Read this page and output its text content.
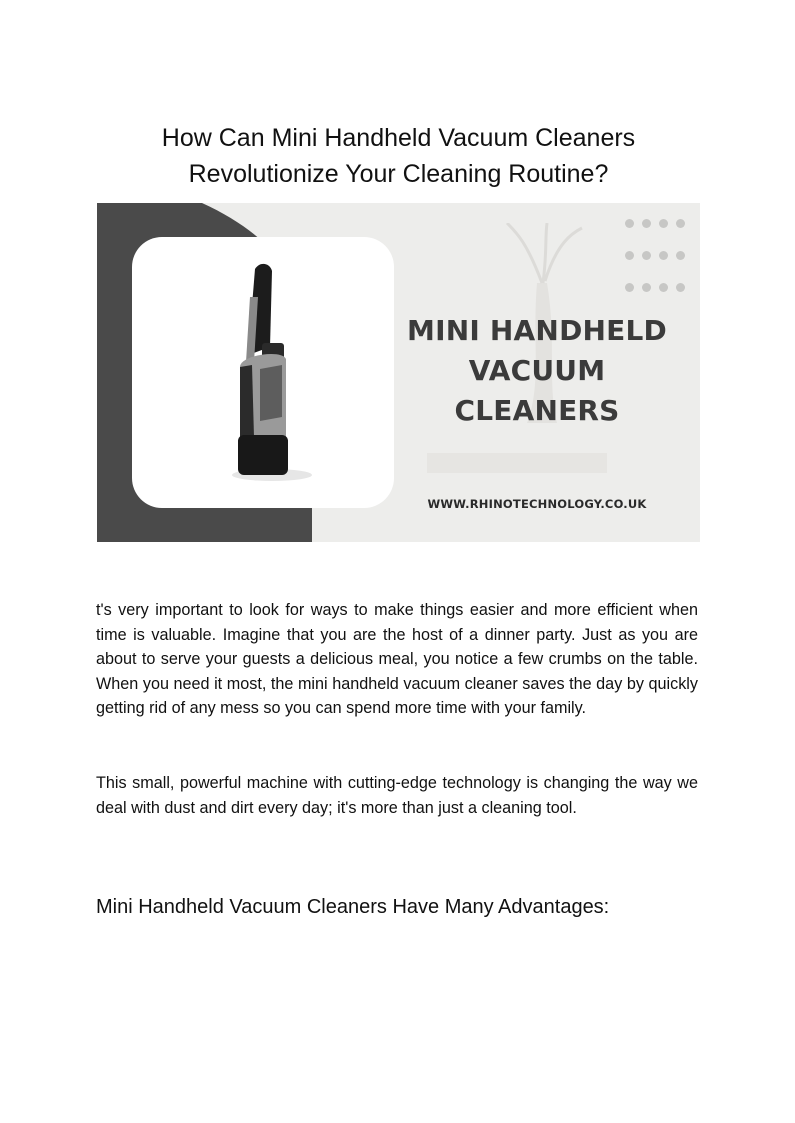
How Can Mini Handheld Vacuum Cleaners
Revolutionize Your Cleaning Routine?
MINI HANDHELD
VACUUM
CLEANERS
WWW.RHINOTECHNOLOGY.CO.UK

t's very important to look for ways to make things easier and more efficient when time is valuable. Imagine that you are the host of a dinner party. Just as you are about to serve your guests a delicious meal, you notice a few crumbs on the table. When you need it most, the mini handheld vacuum cleaner saves the day by quickly getting rid of any mess so you can spend more time with your family.

This small, powerful machine with cutting-edge technology is changing the way we deal with dust and dirt every day; it's more than just a cleaning tool.

Mini Handheld Vacuum Cleaners Have Many Advantages:
